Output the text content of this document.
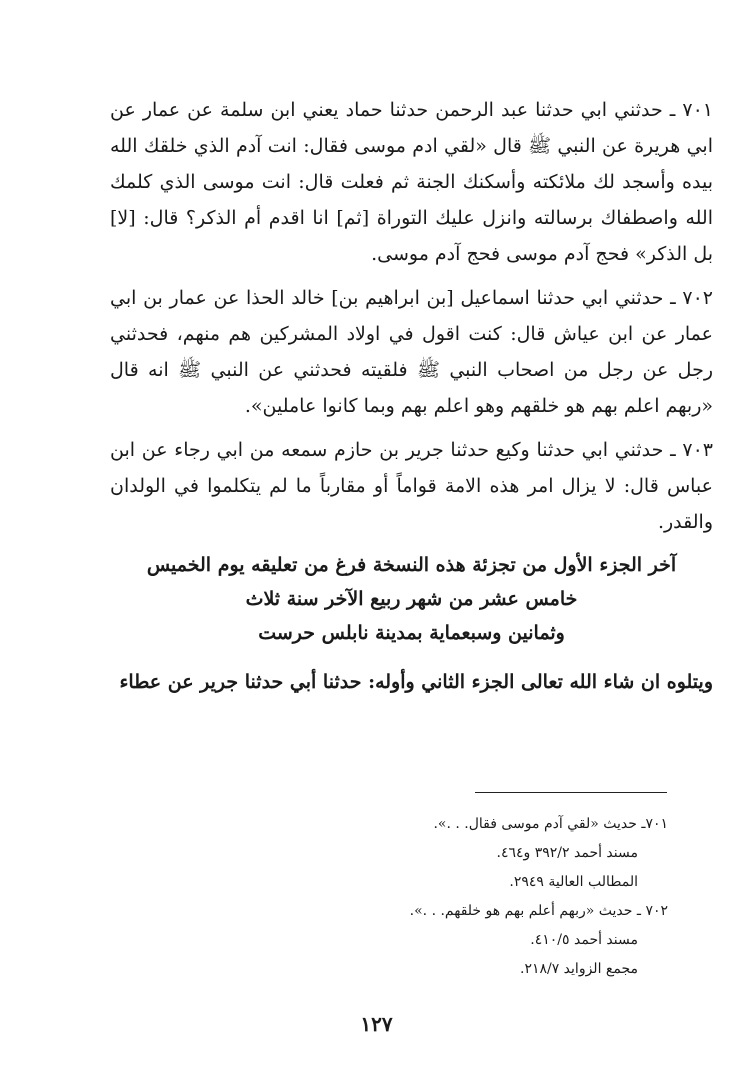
٧٠١ ـ حدثني ابي حدثنا عبد الرحمن حدثنا حماد يعني ابن سلمة عن عمار عن ابي هريرة عن النبي ﷺ قال «لقي ادم موسى فقال: انت آدم الذي خلقك الله بيده وأسجد لك ملائكته وأسكنك الجنة ثم فعلت قال: انت موسى الذي كلمك الله واصطفاك برسالته وانزل عليك التوراة [ثم] انا اقدم أم الذكر؟ قال: [لا] بل الذكر» فحج آدم موسى فحج آدم موسى.

٧٠٢ ـ حدثني ابي حدثنا اسماعيل [بن ابراهيم بن] خالد الحذا عن عمار بن ابي عمار عن ابن عياش قال: كنت اقول في اولاد المشركين هم منهم، فحدثني رجل عن رجل من اصحاب النبي ﷺ فلقيته فحدثني عن النبي ﷺ انه قال «ربهم اعلم بهم هو خلقهم وهو اعلم بهم وبما كانوا عاملين».

٧٠٣ ـ حدثني ابي حدثنا وكيع حدثنا جرير بن حازم سمعه من ابي رجاء عن ابن عباس قال: لا يزال امر هذه الامة قواماً أو مقارباً ما لم يتكلموا في الولدان والقدر.

آخر الجزء الأول من تجزئة هذه النسخة فرغ من تعليقه يوم الخميس
خامس عشر من شهر ربيع الآخر سنة ثلاث
وثمانين وسبعماية بمدينة نابلس حرست
ويتلوه ان شاء الله تعالى الجزء الثاني وأوله: حدثنا أبي حدثنا جرير عن عطاء
٧٠١ـ حديث «لقي آدم موسى فقال. . .».
مسند أحمد ٣٩٢/٢ و٤٦٤.
المطالب العالية ٢٩٤٩.
٧٠٢ ـ حديث «ربهم أعلم بهم هو خلقهم. . .».
مسند أحمد ٤١٠/٥.
مجمع الزوايد ٢١٨/٧.
١٢٧
